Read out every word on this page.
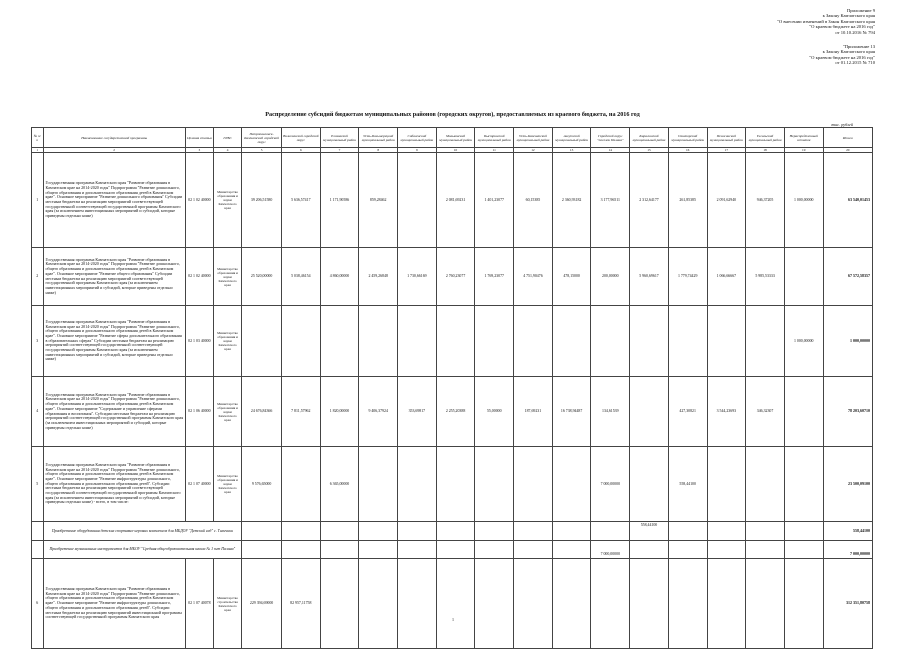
Приложение 9
к Закону Камчатского края
"О внесении изменений в Закон Камчатского края
"О краевом бюджете на 2016 год"
от 10.10.2016 № 794
"Приложение 13
к Закону Камчатского края
"О краевом бюджете на 2016 год"
от 01.12.2015 № 710
Распределение субсидий бюджетам муниципальных районов (городских округов), предоставляемых из краевого бюджета, на 2016 год
тыс. рублей
№ п/п	Наименование государственной программы	Целевая статья	ГРБС	Петропавловск-Камчатский городской округ	Вилючинский городской округ	Елизовский муниципальный район	Усть-Большерецкий муниципальный район	Соболевский муниципальный район	Мильковский муниципальный район	Быстринский муниципальный район	Усть-Камчатский муниципальный район	Алеутский муниципальный район	Городской округ "поселок Палана"	Карагинский муниципальный район	Олюторский муниципальный район	Пенжинский муниципальный район	Тигильский муниципальный район	Нераспределенный остаток	Итого
1	2	3	4	5	6	7	8	9	10	11	12	13	14	15	16	17	18	19	20
1	Государственная программа Камчатского края "Развитие образования в Камчатском крае на 2014-2020 годы" Подпрограмма "Развитие дошкольного, общего образования и дополнительного образования детей в Камчатском крае". Основное мероприятие "Развитие дошкольного образования" Субсидии местным бюджетам на реализацию мероприятий соответствующей государственной соответствующей государственной программы Камчатского края (за исключением инвестиционных мероприятий и субсидий, которые приведены отдельно ниже)	02 1 02 40000	Министерство образования и науки Камчатского края	39 206,51580	5 636,57417	1 171,90586	859,28462		2 081,69231	1 401,23077	60,15385	2 360,93182	3 177,96511	2 312,64177	261,85385	2 091,62940	946,37205	1 000,00000	63 540,01453
2	Государственная программа Камчатского края "Развитие образования в Камчатском крае на 2014-2020 годы" Подпрограмма "Развитие дошкольного, общего образования и дополнительного образования детей в Камчатском крае". Основное мероприятие "Развитие общего образования" Субсидии местным бюджетам на реализацию мероприятий соответствующей государственной программы Камчатского края (за исключением инвестиционных мероприятий и субсидий, которые приведены отдельно ниже)	02 1 02 40000	Министерство образования и науки Камчатского края	25 520,00000	5 038,46154	4 860,00000	2 459,26848	1 730,66169	2 760,23077	1 769,23077	4 751,90476	478,15000	200,00000	5 960,69617	1 779,74429	1 066,66667	5 985,53333		67 572,58357
3	Государственная программа Камчатского края "Развитие образования в Камчатском крае на 2014-2020 годы" Подпрограмма "Развитие дошкольного, общего образования и дополнительного образования детей в Камчатском крае". Основное мероприятие "Развитие сферы дополнительного образования в образовательных сферах" Субсидии местным бюджетам на реализацию мероприятий соответствующей государственной соответствующей государственной программы Камчатского края (за исключением инвестиционных мероприятий и субсидий, которые приведены отдельно ниже)	02 1 03 40000	Министерство образования и науки Камчатского края															1 000,00000	1 000,00000
4	Государственная программа Камчатского края "Развитие образования в Камчатском крае на 2014-2020 годы" Подпрограмма "Развитие дошкольного, общего образования и дополнительного образования детей в Камчатском крае". Основное мероприятие "Содержание и управление сферами образования и воспитания". Субсидии местным бюджетам на реализацию мероприятий соответствующей государственной программы Камчатского края (за исключением инвестиционных мероприятий и субсидий, которые приведены отдельно ниже)	02 1 06 40000	Министерство образования и науки Камчатского края	24 676,84366	7 811,57962	1 820,00000	9 406,37924	353,69817	2 255,20388	55,00000	187,69231	16 738,94487	134,61539		427,30821	3 544,23693	346,32307		78 203,60710
5	Государственная программа Камчатского края "Развитие образования в Камчатском крае на 2014-2020 годы" Подпрограмма "Развитие дошкольного, общего образования и дополнительного образования детей в Камчатском крае". Основное мероприятие "Развитие инфраструктуры дошкольного, общего образования и дополнительного образования детей". Субсидии местным бюджетам на реализацию мероприятий соответствующей государственной соответствующей государственной программы Камчатского края (за исключением инвестиционных мероприятий и субсидий, которые приведены отдельно ниже) - всего, в том числе:	02 1 07 40000	Министерство образования и науки Камчатского края	9 576,65000		6 365,00000							7 000,00000		558,44100				23 500,09100
	Приобретение оборудования детских спортивно-игровых комплексов для МБДОУ "Детский сад" с. Тиличики													558,44100					558,44100
	Приобретение музыкальных инструментов для МБОУ "Средняя общеобразовательная школа № 1 пгт Палана"												7 000,00000						7 000,00000
6	Государственная программа Камчатского края "Развитие образования в Камчатском крае на 2014-2020 годы" Подпрограмма "Развитие дошкольного, общего образования и дополнительного образования детей в Камчатском крае". Основное мероприятие "Развитие инфраструктуры дошкольного, общего образования и дополнительного образования детей". Субсидии местным бюджетам на реализацию мероприятий инвестиционной программы соответствующей государственной программы Камчатского края	02 1 07 40078	Министерство строительства Камчатского края	229 394,69000	82 957,11758														312 351,80758
1
